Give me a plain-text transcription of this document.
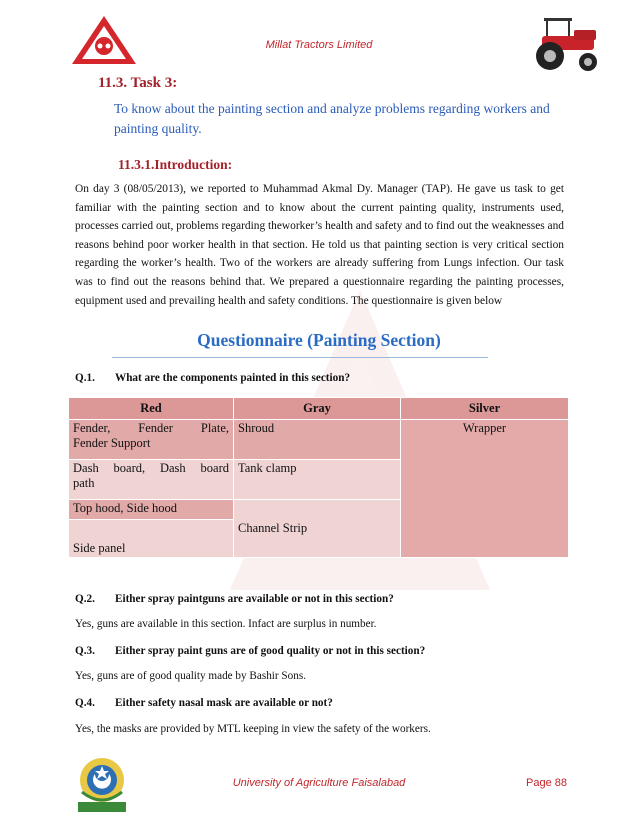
Millat Tractors Limited
11.3. Task 3:
To know about the painting section and analyze problems regarding workers and painting quality.
11.3.1.Introduction:
On day 3 (08/05/2013), we reported to Muhammad Akmal Dy. Manager (TAP). He gave us task to get familiar with the painting section and to know about the current painting quality, instruments used, processes carried out, problems regarding theworker’s health and safety and to find out the weaknesses and reasons behind poor worker health in that section. He told us that painting section is very critical section regarding the worker’s health. Two of the workers are already suffering from Lungs infection. Our task was to find out the reasons behind that. We prepared a questionnaire regarding the painting processes, equipment used and prevailing health and safety conditions. The questionnaire is given below
Questionnaire (Painting Section)
Q.1. What are the components painted in this section?
Red	Gray	Silver

Fender, Fender Plate,
Fender Support	Shroud	Wrapper

Dash board, Dash board
path	Tank clamp	
Top hood, Side hood	Channel Strip	
Side panel		
Q.2. Either spray paintguns are available or not in this section?
Yes, guns are available in this section. Infact are surplus in number.
Q.3. Either spray paint guns are of good quality or not in this section?
Yes, guns are of good quality made by Bashir Sons.
Q.4. Either safety nasal mask are available or not?
Yes, the masks are provided by MTL keeping in view the safety of the workers.
University of Agriculture Faisalabad	Page 88
